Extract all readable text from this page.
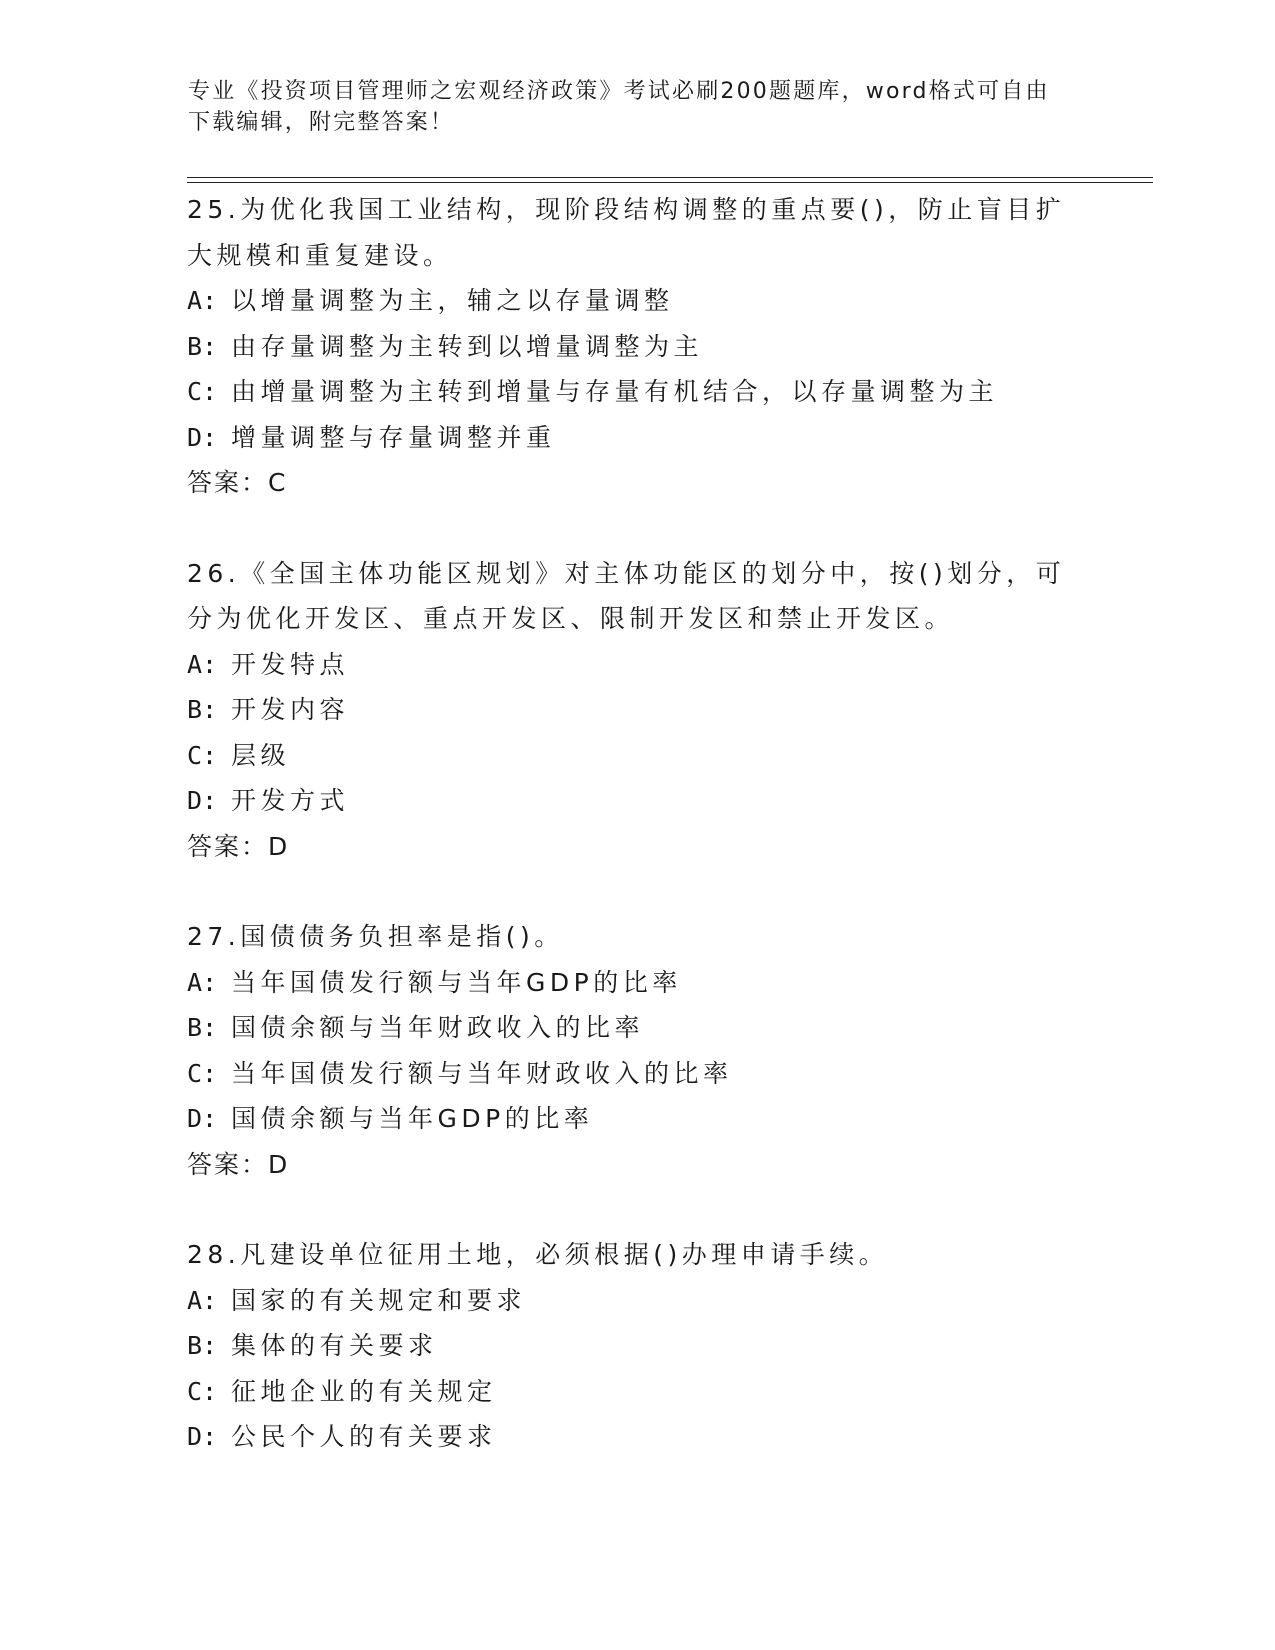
专业《投资项目管理师之宏观经济政策》考试必刷200题题库，word格式可自由下载编辑，附完整答案！

25.为优化我国工业结构，现阶段结构调整的重点要()，防止盲目扩大规模和重复建设。

A: 以增量调整为主，辅之以存量调整
B: 由存量调整为主转到以增量调整为主
C: 由增量调整为主转到增量与存量有机结合，以存量调整为主
D: 增量调整与存量调整并重
答案：C

26.《全国主体功能区规划》对主体功能区的划分中，按()划分，可分为优化开发区、重点开发区、限制开发区和禁止开发区。

A: 开发特点
B: 开发内容
C: 层级
D: 开发方式
答案：D

27.国债债务负担率是指()。

A: 当年国债发行额与当年GDP的比率
B: 国债余额与当年财政收入的比率
C: 当年国债发行额与当年财政收入的比率
D: 国债余额与当年GDP的比率
答案：D

28.凡建设单位征用土地，必须根据()办理申请手续。

A: 国家的有关规定和要求
B: 集体的有关要求
C: 征地企业的有关规定
D: 公民个人的有关要求
